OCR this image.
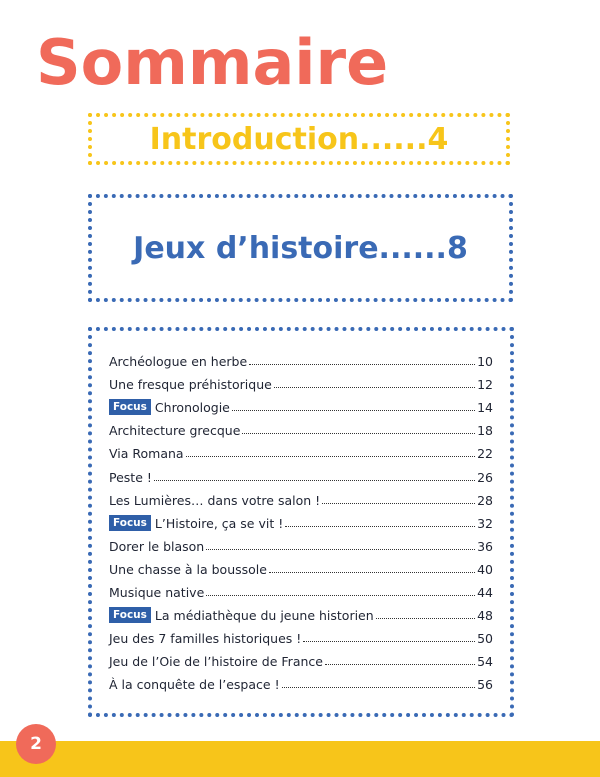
Sommaire
Introduction......4
Jeux d’histoire......8
Archéologue en herbe	10
Une fresque préhistorique	12
Focus Chronologie	14
Architecture grecque	18
Via Romana	22
Peste !	26
Les Lumières… dans votre salon !	28
Focus L’Histoire, ça se vit !	32
Dorer le blason	36
Une chasse à la boussole	40
Musique native	44
Focus La médiathèque du jeune historien	48
Jeu des 7 familles historiques !	50
Jeu de l’Oie de l’histoire de France	54
À la conquête de l’espace !	56
2
